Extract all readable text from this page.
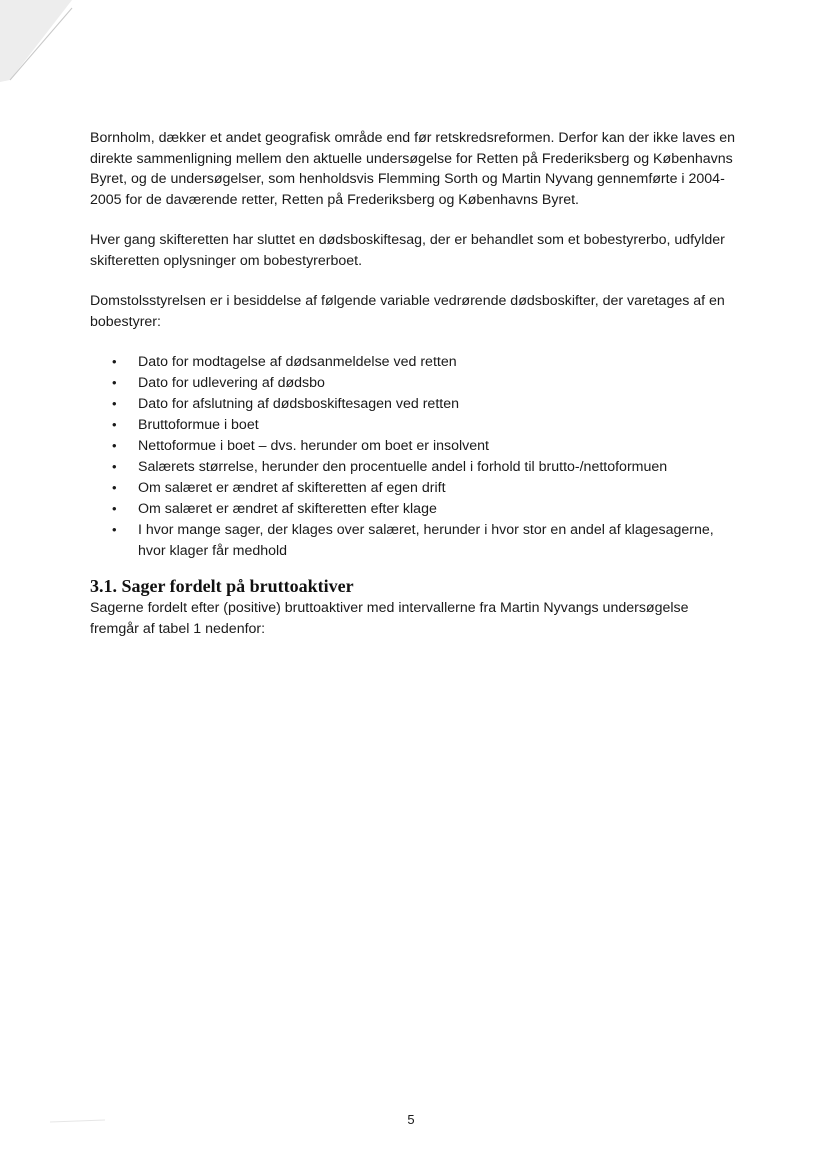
Bornholm, dækker et andet geografisk område end før retskredsreformen. Derfor kan der ikke laves en direkte sammenligning mellem den aktuelle undersøgelse for Retten på Frederiksberg og Københavns Byret, og de undersøgelser, som henholdsvis Flemming Sorth og Martin Nyvang gennemførte i 2004-2005 for de daværende retter, Retten på Frederiksberg og Københavns Byret.

Hver gang skifteretten har sluttet en dødsboskiftesag, der er behandlet som et bobestyrerbo, udfylder skifteretten oplysninger om bobestyrerboet.

Domstolsstyrelsen er i besiddelse af følgende variable vedrørende dødsboskifter, der varetages af en bobestyrer:

• Dato for modtagelse af dødsanmeldelse ved retten
• Dato for udlevering af dødsbo
• Dato for afslutning af dødsboskiftesagen ved retten
• Bruttoformue i boet
• Nettoformue i boet – dvs. herunder om boet er insolvent
• Salærets størrelse, herunder den procentuelle andel i forhold til brutto-/nettoformuen
• Om salæret er ændret af skifteretten af egen drift
• Om salæret er ændret af skifteretten efter klage
• I hvor mange sager, der klages over salæret, herunder i hvor stor en andel af klagesagerne, hvor klager får medhold
3.1. Sager fordelt på bruttoaktiver

Sagerne fordelt efter (positive) bruttoaktiver med intervallerne fra Martin Nyvangs undersøgelse fremgår af tabel 1 nedenfor:

5
